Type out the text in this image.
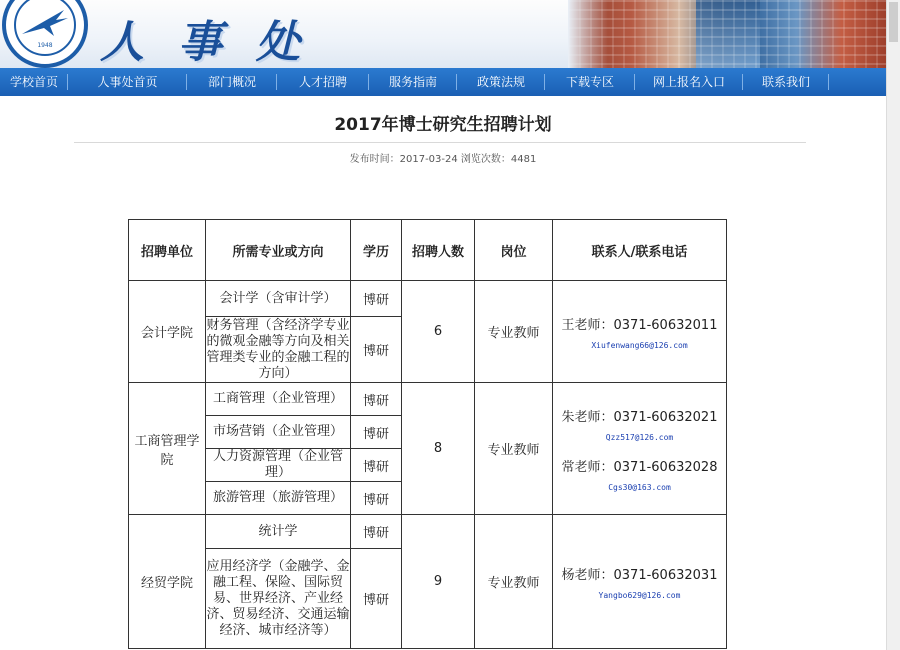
1948	人事处
学校首页	人事处首页	部门概况	人才招聘	服务指南	政策法规	下载专区	网上报名入口	联系我们
2017年博士研究生招聘计划
发布时间：2017-03-24 浏览次数：4481
招聘单位	所需专业或方向	学历	招聘人数	岗位	联系人/联系电话
会计学院	会计学（含审计学）	博研	6	专业教师	王老师：0371-60632011
Xiufenwang66@126.com

	财务管理（含经济学专业的微观金融等方向及相关管理类专业的金融工程的方向）	博研			
工商管理学院	工商管理（企业管理）	博研	8	专业教师	朱老师：0371-60632021
Qzz517@126.com
常老师：0371-60632028
Cgs30@163.com

	市场营销（企业管理）	博研			
	人力资源管理（企业管理）	博研			
	旅游管理（旅游管理）	博研			
经贸学院	统计学	博研	9	专业教师	杨老师：0371-60632031
Yangbo629@126.com

	应用经济学（金融学、金融工程、保险、国际贸易、世界经济、产业经济、贸易经济、交通运输经济、城市经济等）	博研			
